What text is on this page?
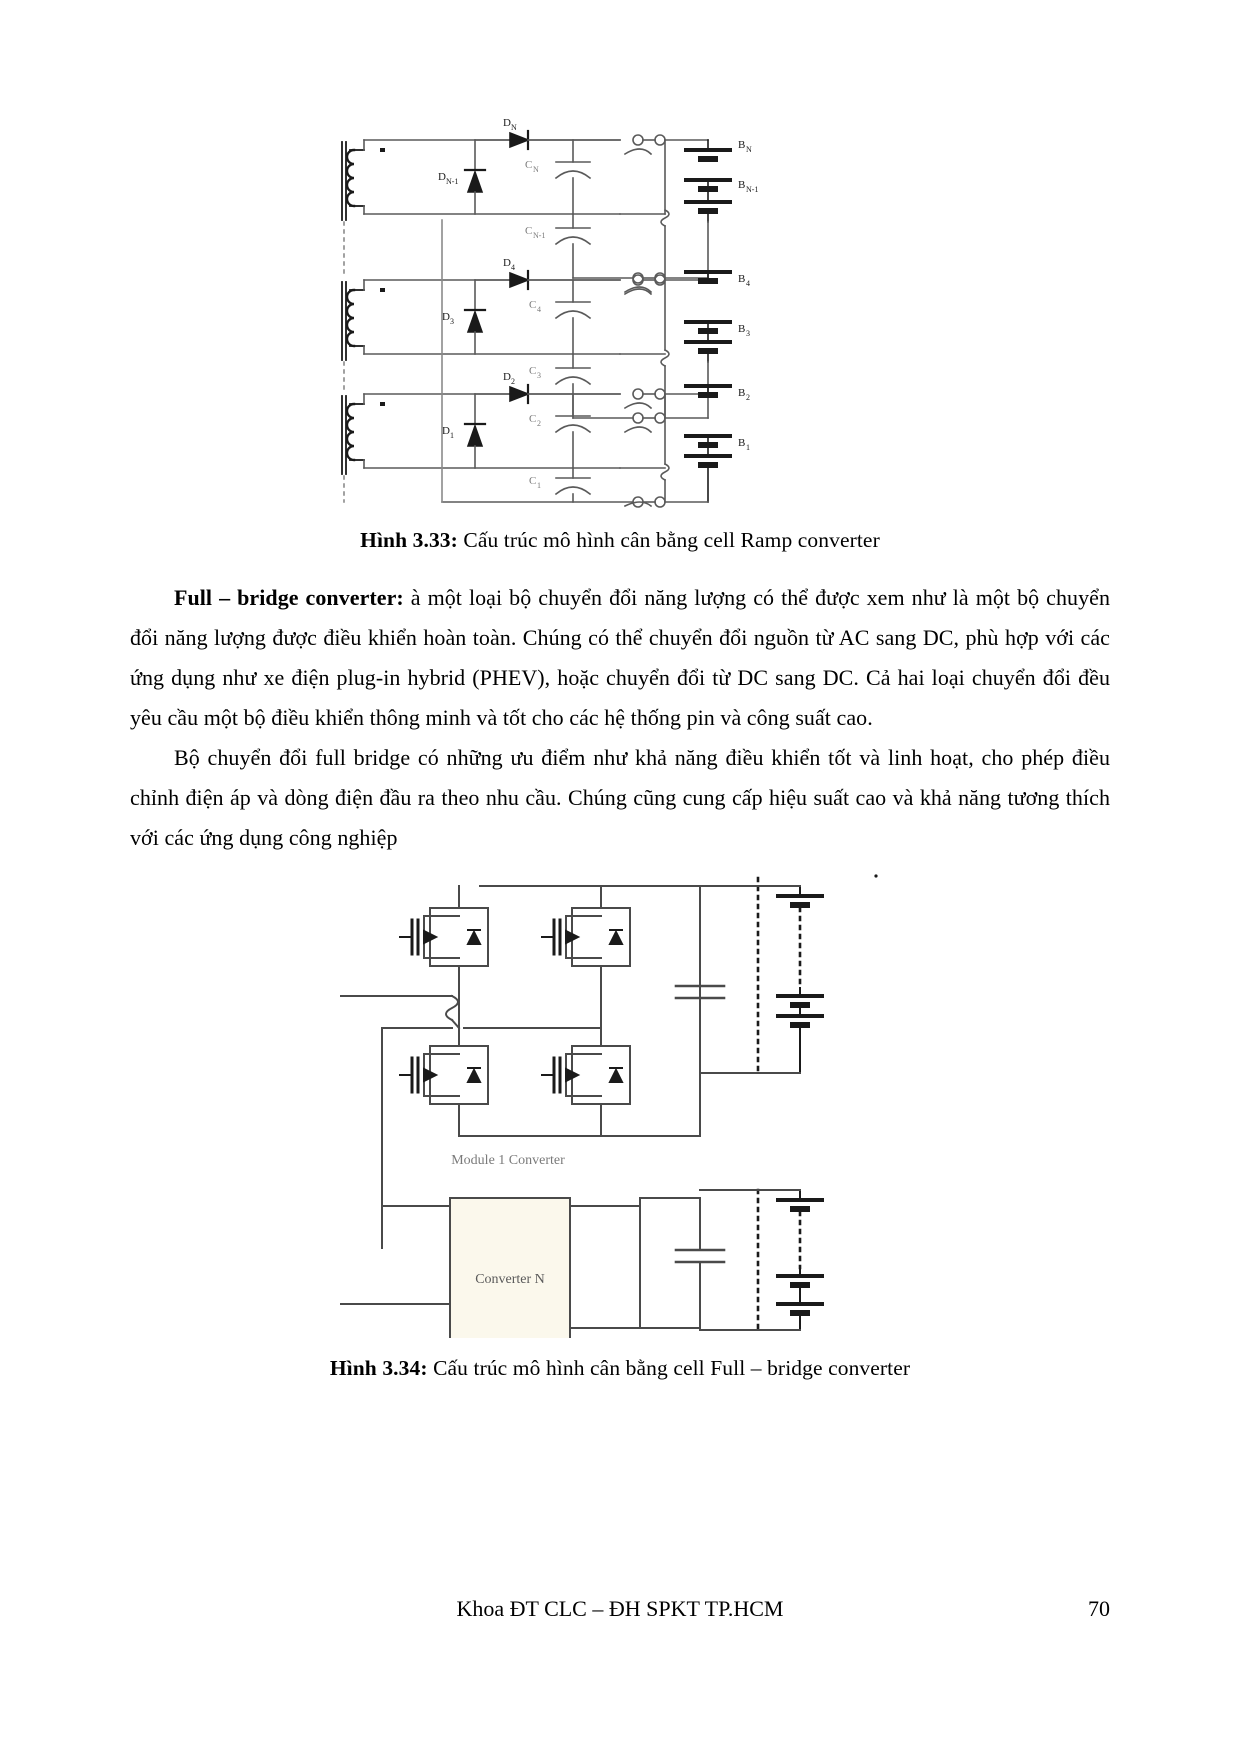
D N
D N-1
C N
B N
C N-1
B N-1
D 4
D 3
C 4
B 4
C 3
B 3
D 2
D 1
C 2
B 2
C 1
B 1
Hình 3.33: Cấu trúc mô hình cân bằng cell Ramp converter

Full – bridge converter: à một loại bộ chuyển đổi năng lượng có thể được xem như là một bộ chuyển đổi năng lượng được điều khiển hoàn toàn. Chúng có thể chuyển đổi nguồn từ AC sang DC, phù hợp với các ứng dụng như xe điện plug-in hybrid (PHEV), hoặc chuyển đổi từ DC sang DC. Cả hai loại chuyển đổi đều yêu cầu một bộ điều khiển thông minh và tốt cho các hệ thống pin và công suất cao.

Bộ chuyển đổi full bridge có những ưu điểm như khả năng điều khiển tốt và linh hoạt, cho phép điều chỉnh điện áp và dòng điện đầu ra theo nhu cầu. Chúng cũng cung cấp hiệu suất cao và khả năng tương thích với các ứng dụng công nghiệp

Module 1 Converter
Converter N
Hình 3.34: Cấu trúc mô hình cân bằng cell Full – bridge converter
Khoa ĐT CLC – ĐH SPKT TP.HCM	70
